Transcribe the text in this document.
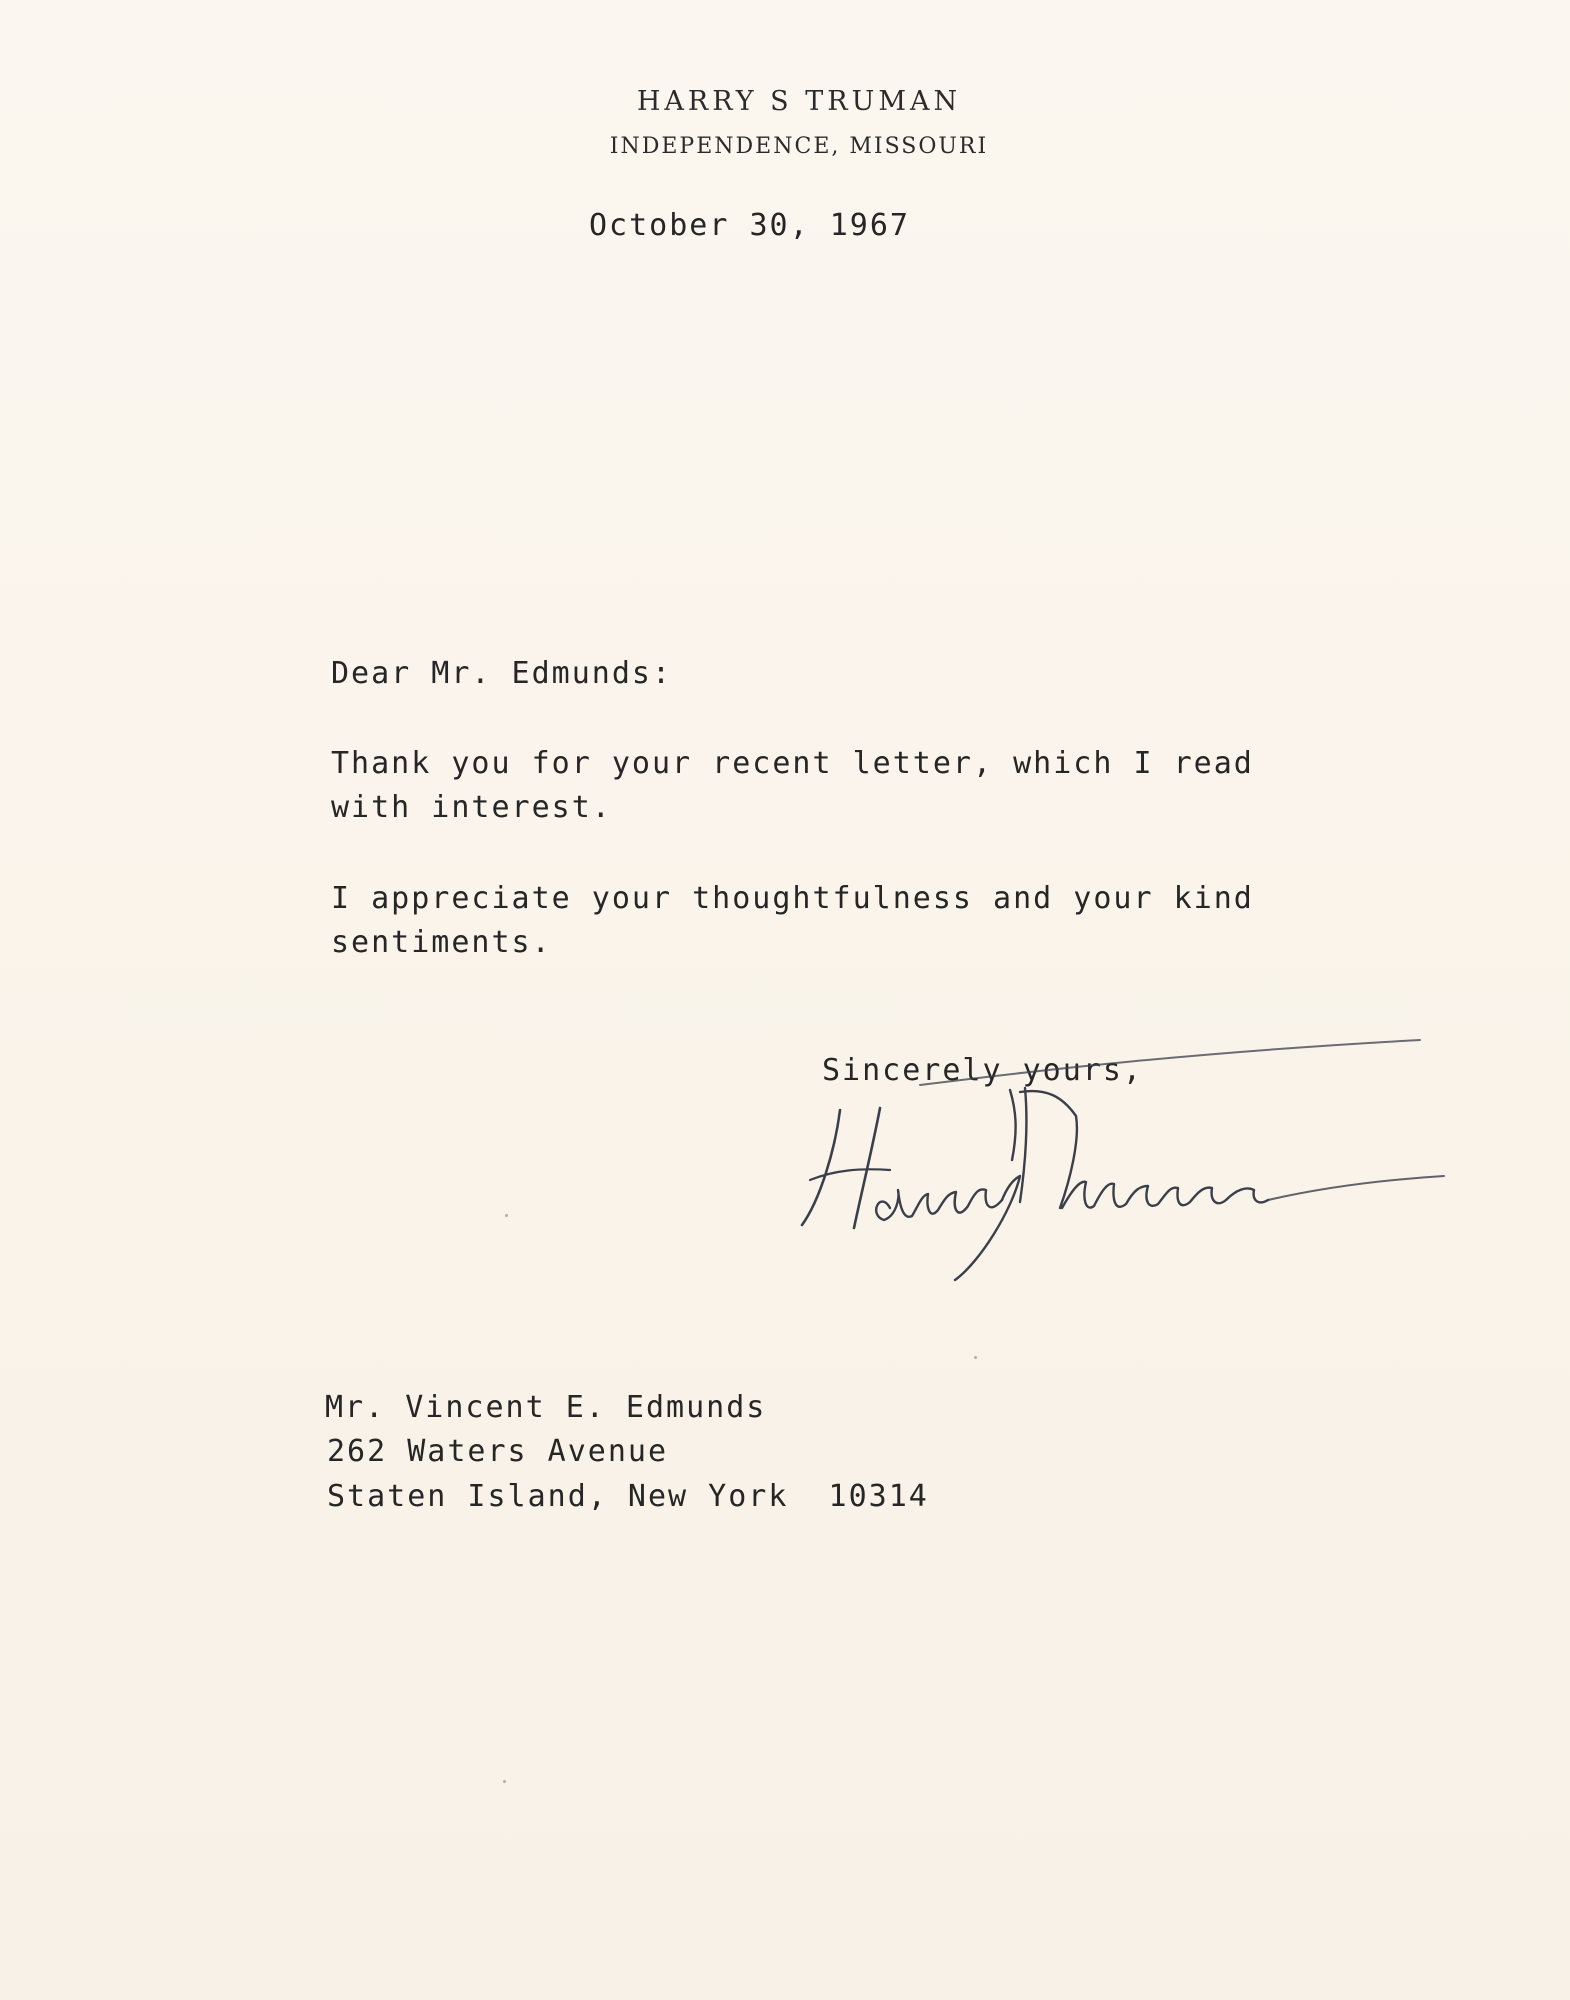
HARRY S TRUMAN
INDEPENDENCE, MISSOURI
October 30, 1967
Dear Mr. Edmunds:
Thank you for your recent letter, which I read
with interest.
I appreciate your thoughtfulness and your kind
sentiments.
Sincerely yours,
Mr. Vincent E. Edmunds
262 Waters Avenue
Staten Island, New York  10314
